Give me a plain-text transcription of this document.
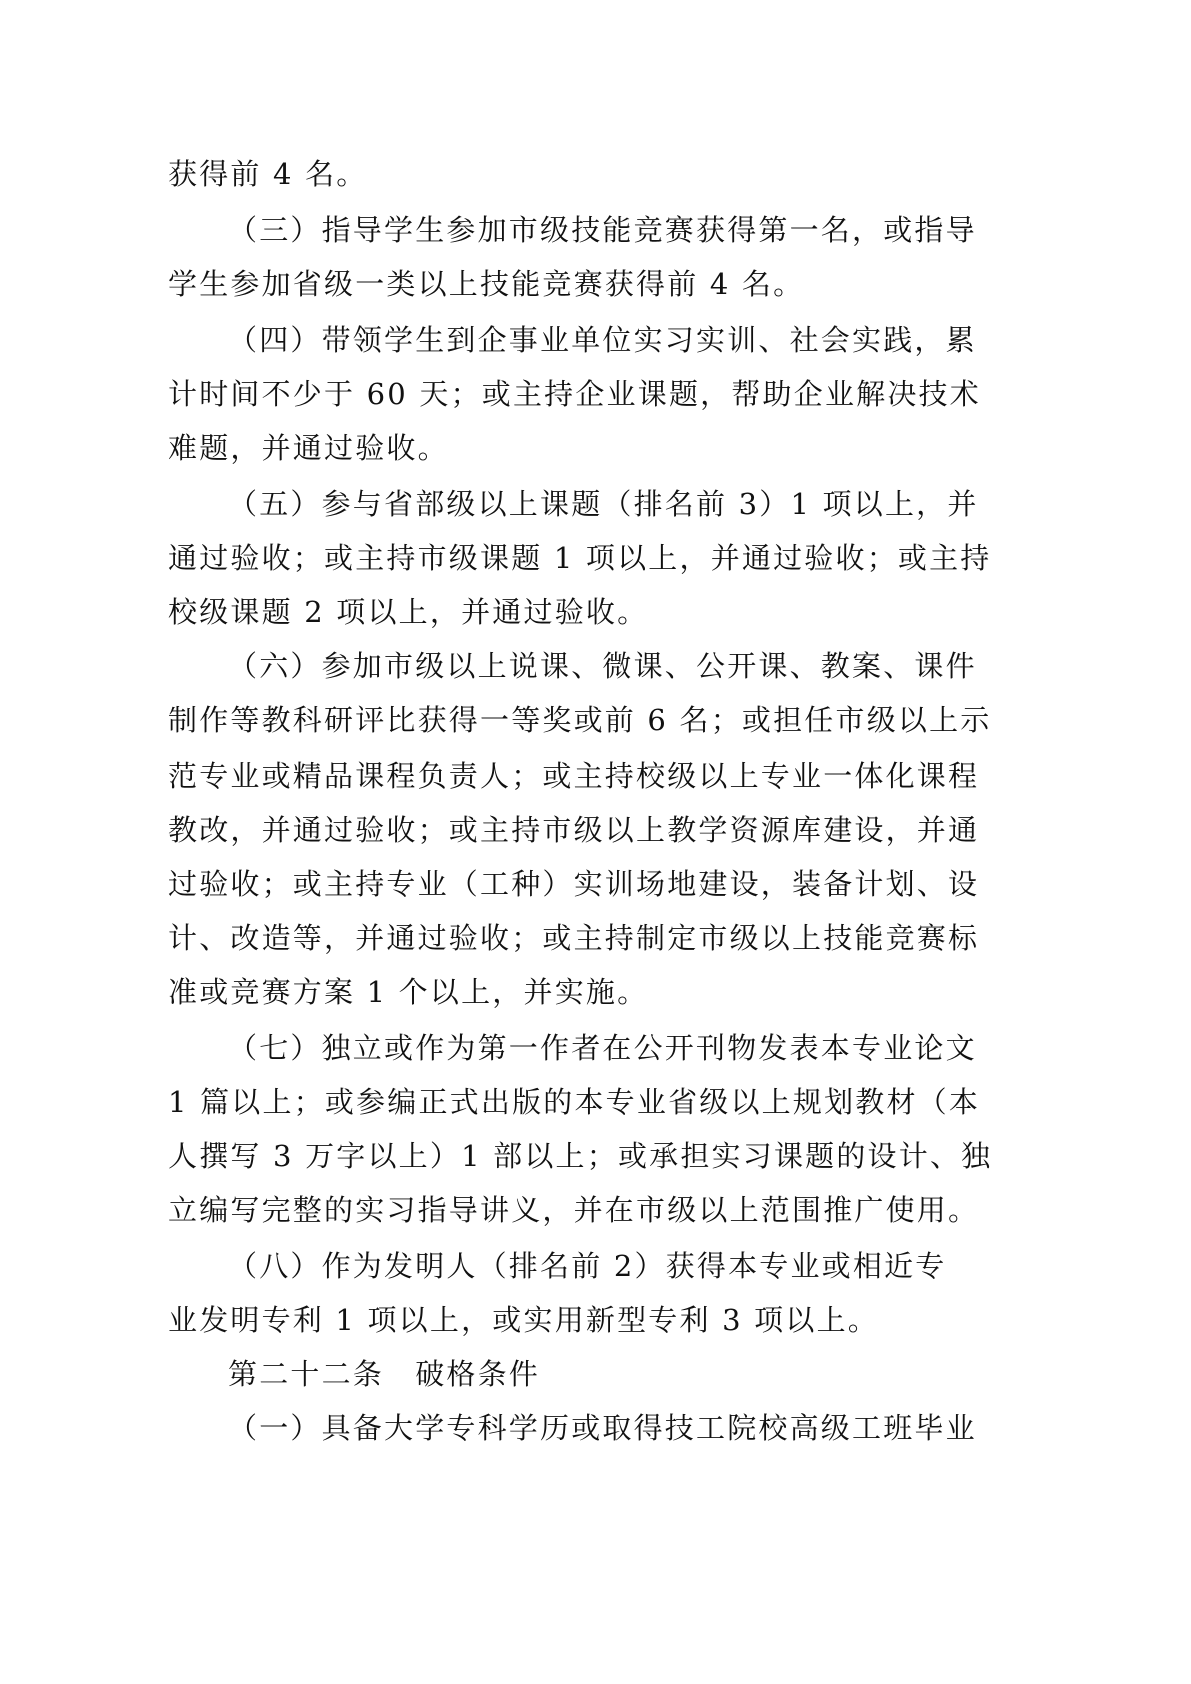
获得前 4 名。
（三）指导学生参加市级技能竞赛获得第一名，或指导
学生参加省级一类以上技能竞赛获得前 4 名。
（四）带领学生到企事业单位实习实训、社会实践，累
计时间不少于 60 天；或主持企业课题，帮助企业解决技术
难题，并通过验收。
（五）参与省部级以上课题（排名前 3）1 项以上，并
通过验收；或主持市级课题 1 项以上，并通过验收；或主持
校级课题 2 项以上，并通过验收。
（六）参加市级以上说课、微课、公开课、教案、课件
制作等教科研评比获得一等奖或前 6 名；或担任市级以上示
范专业或精品课程负责人；或主持校级以上专业一体化课程
教改，并通过验收；或主持市级以上教学资源库建设，并通
过验收；或主持专业（工种）实训场地建设，装备计划、设
计、改造等，并通过验收；或主持制定市级以上技能竞赛标
准或竞赛方案 1 个以上，并实施。
（七）独立或作为第一作者在公开刊物发表本专业论文
1 篇以上；或参编正式出版的本专业省级以上规划教材（本
人撰写 3 万字以上）1 部以上；或承担实习课题的设计、独
立编写完整的实习指导讲义，并在市级以上范围推广使用。
（八）作为发明人（排名前 2）获得本专业或相近专
业发明专利 1 项以上，或实用新型专利 3 项以上。
第二十二条　破格条件
（一）具备大学专科学历或取得技工院校高级工班毕业
